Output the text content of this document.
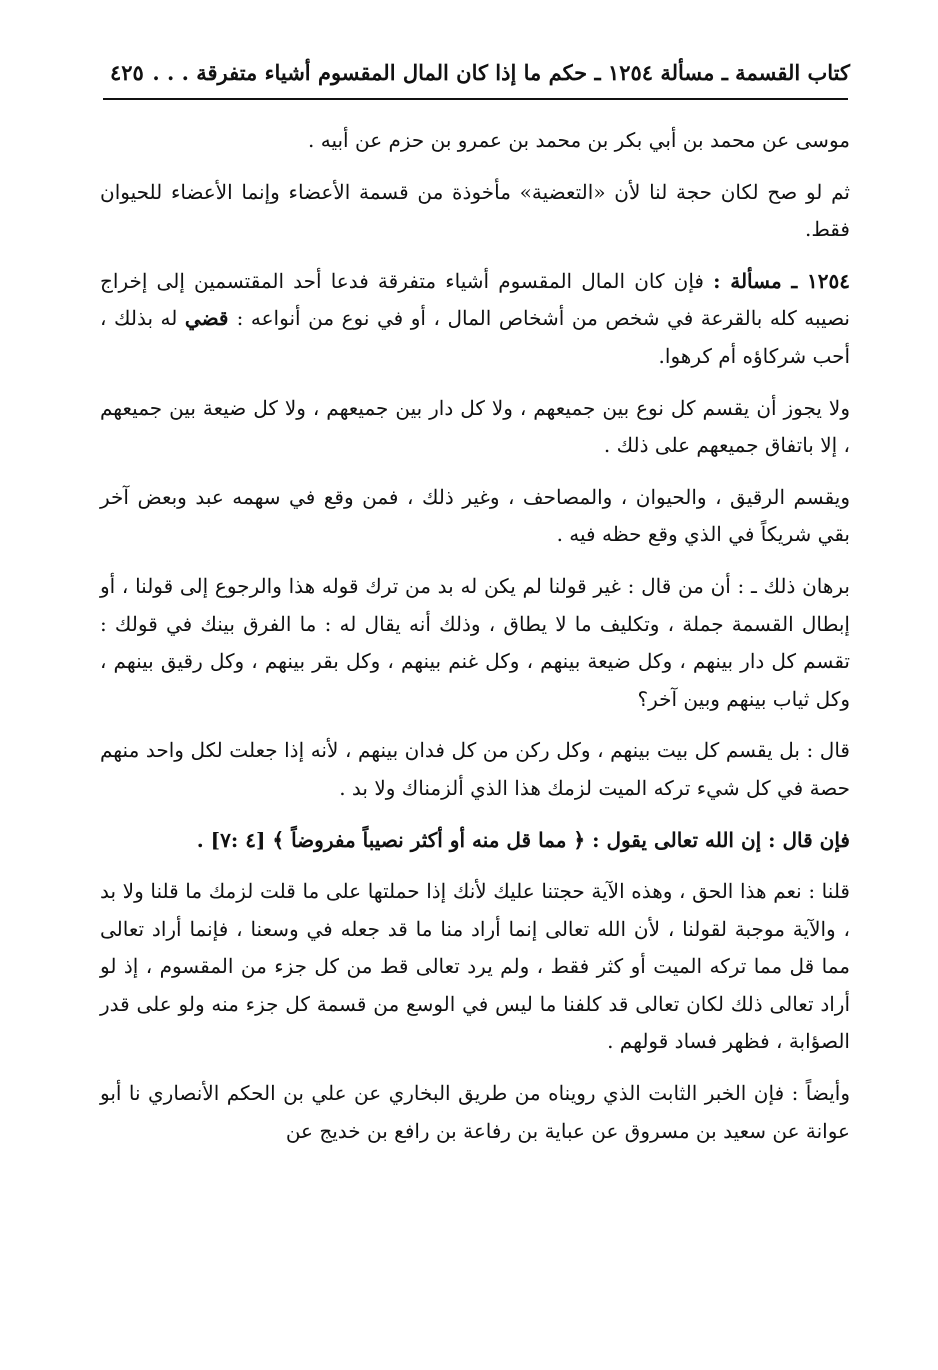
كتاب القسمة ـ مسألة ١٢٥٤ ـ حكم ما إذا كان المال المقسوم أشياء متفرقة . . .
٤٢٥

موسى عن محمد بن أبي بكر بن محمد بن عمرو بن حزم عن أبيه .

ثم لو صح لكان حجة لنا لأن «التعضية» مأخوذة من قسمة الأعضاء وإنما الأعضاء للحيوان فقط.

١٢٥٤ ـ مسألة : فإن كان المال المقسوم أشياء متفرقة فدعا أحد المقتسمين إلى إخراج نصيبه كله بالقرعة في شخص من أشخاص المال ، أو في نوع من أنواعه : قضي له بذلك ، أحب شركاؤه أم كرهوا.

ولا يجوز أن يقسم كل نوع بين جميعهم ، ولا كل دار بين جميعهم ، ولا كل ضيعة بين جميعهم ، إلا باتفاق جميعهم على ذلك .

ويقسم الرقيق ، والحيوان ، والمصاحف ، وغير ذلك ، فمن وقع في سهمه عبد وبعض آخر بقي شريكاً في الذي وقع حظه فيه .

برهان ذلك ـ : أن من قال : غير قولنا لم يكن له بد من ترك قوله هذا والرجوع إلى قولنا ، أو إبطال القسمة جملة ، وتكليف ما لا يطاق ، وذلك أنه يقال له : ما الفرق بينك في قولك : تقسم كل دار بينهم ، وكل ضيعة بينهم ، وكل غنم بينهم ، وكل بقر بينهم ، وكل رقيق بينهم ، وكل ثياب بينهم وبين آخر؟

قال : بل يقسم كل بيت بينهم ، وكل ركن من كل فدان بينهم ، لأنه إذا جعلت لكل واحد منهم حصة في كل شيء تركه الميت لزمك هذا الذي ألزمناك ولا بد .

فإن قال : إن الله تعالى يقول : ﴿ مما قل منه أو أكثر نصيباً مفروضاً ﴾ [٤ :٧] .

قلنا : نعم هذا الحق ، وهذه الآية حجتنا عليك لأنك إذا حملتها على ما قلت لزمك ما قلنا ولا بد ، والآية موجبة لقولنا ، لأن الله تعالى إنما أراد منا ما قد جعله في وسعنا ، فإنما أراد تعالى مما قل مما تركه الميت أو كثر فقط ، ولم يرد تعالى قط من كل جزء من المقسوم ، إذ لو أراد تعالى ذلك لكان تعالى قد كلفنا ما ليس في الوسع من قسمة كل جزء منه ولو على قدر الصؤابة ، فظهر فساد قولهم .

وأيضاً : فإن الخبر الثابت الذي رويناه من طريق البخاري عن علي بن الحكم الأنصاري نا أبو عوانة عن سعيد بن مسروق عن عباية بن رفاعة بن رافع بن خديج عن
